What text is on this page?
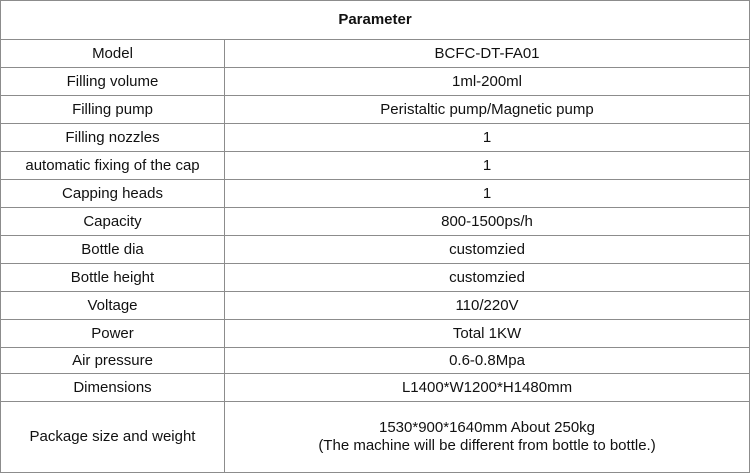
Parameter	
Model	BCFC-DT-FA01
Filling volume	1ml-200ml
Filling pump	Peristaltic pump/Magnetic pump
Filling nozzles	1
automatic fixing of the cap	1
Capping heads	1
Capacity	800-1500ps/h
Bottle dia	customzied
Bottle height	customzied
Voltage	110/220V
Power	Total 1KW
Air pressure	0.6-0.8Mpa
Dimensions	L1400*W1200*H1480mm
Package size and weight	1530*900*1640mm About 250kg
(The machine will be different from bottle to bottle.)
